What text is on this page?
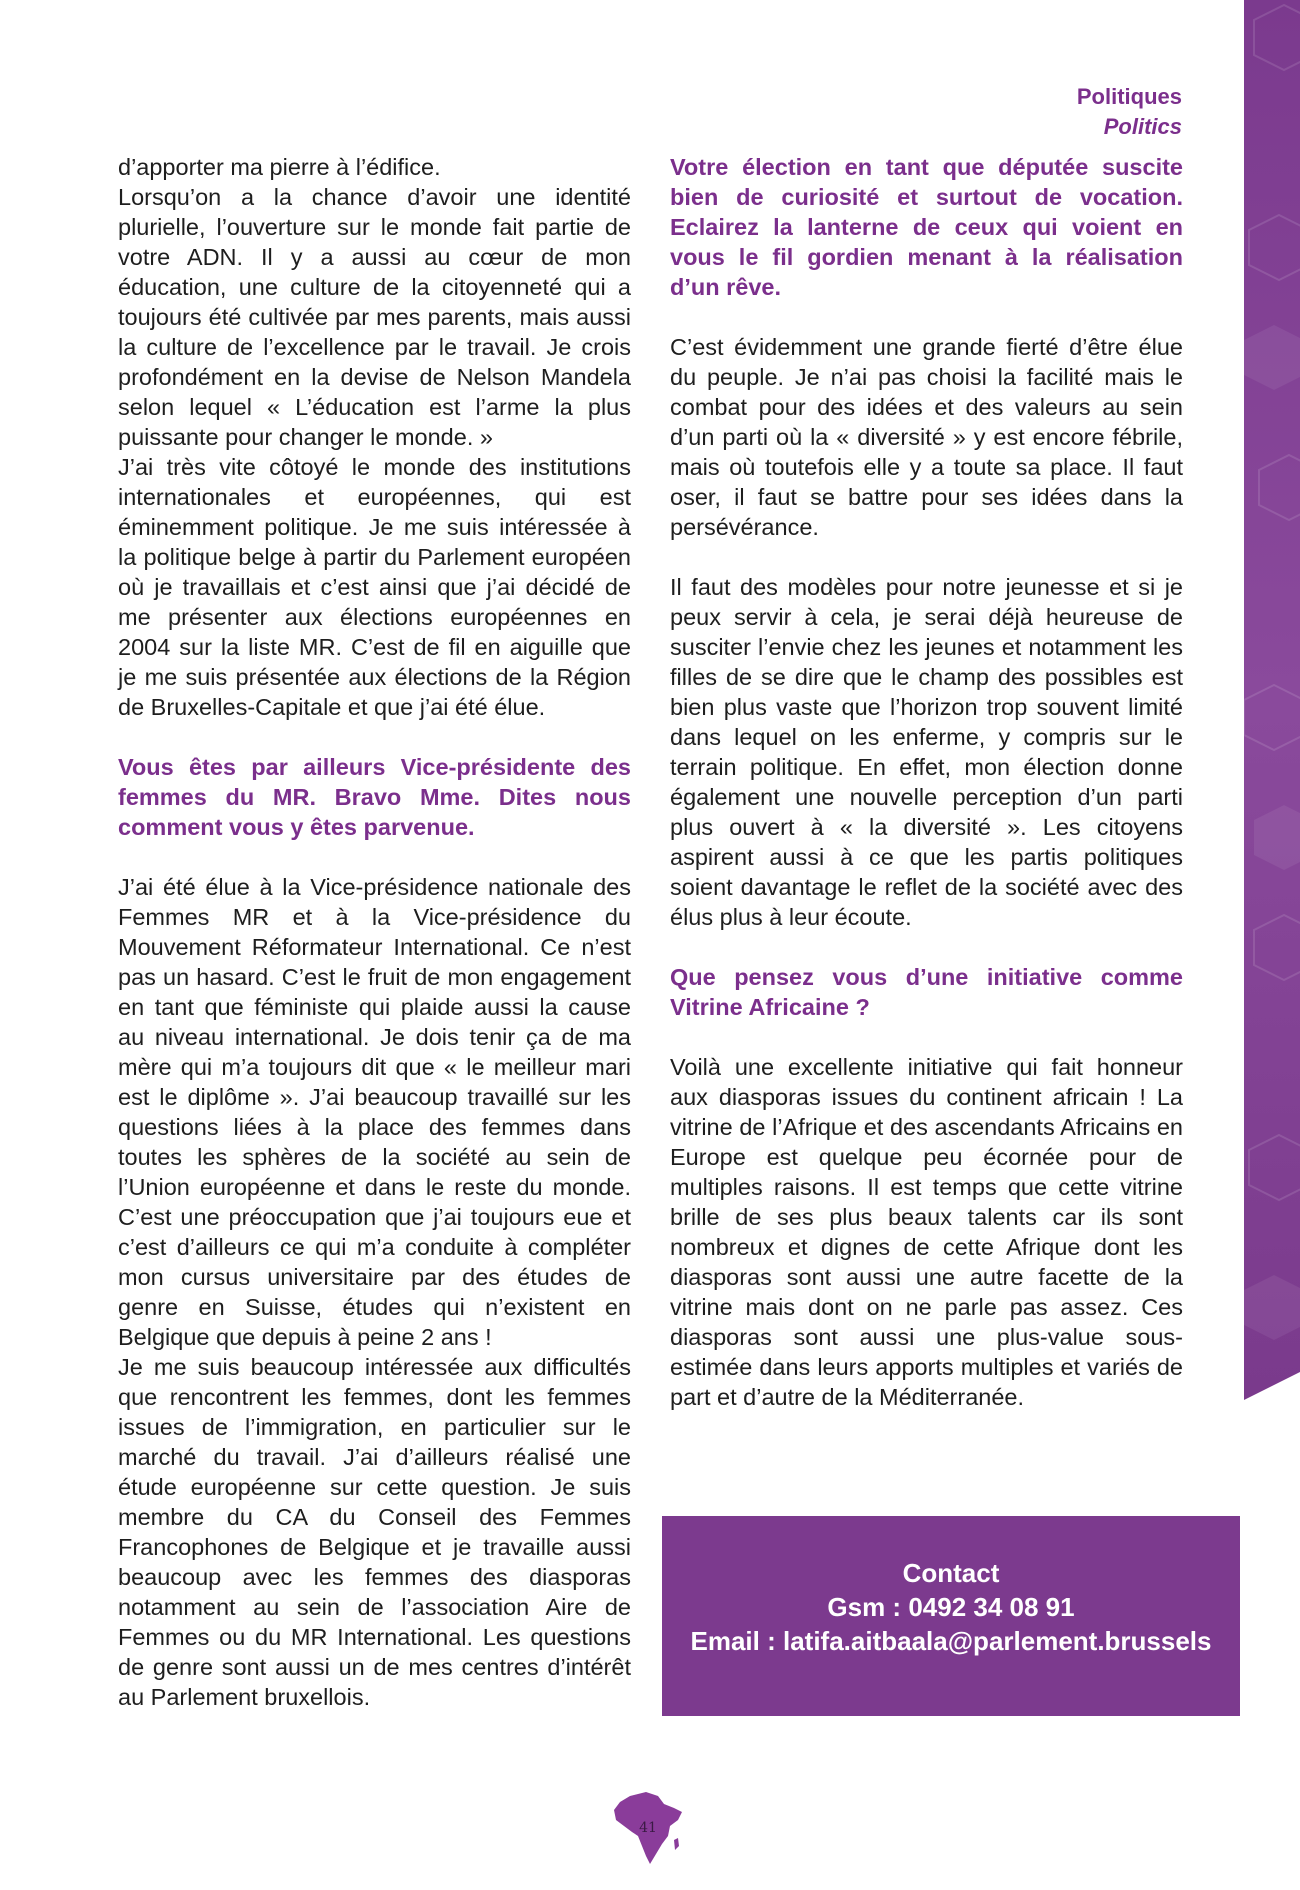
Politiques
Politics

d’apporter ma pierre à l’édifice.

Lorsqu’on a la chance d’avoir une identité plurielle, l’ouverture sur le monde fait partie de votre ADN. Il y a aussi au cœur de mon éducation, une culture de la citoyenneté qui a toujours été cultivée par mes parents, mais aussi la culture de l’excellence par le travail. Je crois profondément en la devise de Nelson Mandela selon lequel « L’éducation est l’arme la plus puissante pour changer le monde. »

J’ai très vite côtoyé le monde des institutions internationales et européennes, qui est éminemment politique. Je me suis intéressée à la politique belge à partir du Parlement européen où je travaillais et c’est ainsi que j’ai décidé de me présenter aux élections européennes en 2004 sur la liste MR. C’est de fil en aiguille que je me suis présentée aux élections de la Région de Bruxelles-Capitale et que j’ai été élue.

Vous êtes par ailleurs Vice-présidente des femmes du MR. Bravo Mme. Dites nous comment vous y êtes parvenue.

J’ai été élue à la Vice-présidence nationale des Femmes MR et à la Vice-présidence du Mouvement Réformateur International. Ce n’est pas un hasard. C’est le fruit de mon engagement en tant que féministe qui plaide aussi la cause au niveau international. Je dois tenir ça de ma mère qui m’a toujours dit que « le meilleur mari est le diplôme ». J’ai beaucoup travaillé sur les questions liées à la place des femmes dans toutes les sphères de la société au sein de l’Union européenne et dans le reste du monde. C’est une préoccupation que j’ai toujours eue et c’est d’ailleurs ce qui m’a conduite à compléter mon cursus universitaire par des études de genre en Suisse, études qui n’existent en Belgique que depuis à peine 2 ans !

Je me suis beaucoup intéressée aux difficultés que rencontrent les femmes, dont les femmes issues de l’immigration, en particulier sur le marché du travail. J’ai d’ailleurs réalisé une étude européenne sur cette question. Je suis membre du CA du Conseil des Femmes Francophones de Belgique et je travaille aussi beaucoup avec les femmes des diasporas notamment au sein de l’association Aire de Femmes ou du MR International. Les questions de genre sont aussi un de mes centres d’intérêt au Parlement bruxellois.

Votre élection en tant que députée suscite bien de curiosité et surtout de vocation. Eclairez la lanterne de ceux qui voient en vous le fil gordien menant à la réalisation d’un rêve.

C’est évidemment une grande fierté d’être élue du peuple. Je n’ai pas choisi la facilité mais le combat pour des idées et des valeurs au sein d’un parti où la « diversité » y est encore fébrile, mais où toutefois elle y a toute sa place. Il faut oser, il faut se battre pour ses idées dans la persévérance.

Il faut des modèles pour notre jeunesse et si je peux servir à cela, je serai déjà heureuse de susciter l’envie chez les jeunes et notamment les filles de se dire que le champ des possibles est bien plus vaste que l’horizon trop souvent limité dans lequel on les enferme, y compris sur le terrain politique. En effet, mon élection donne également une nouvelle perception d’un parti plus ouvert à « la diversité ». Les citoyens aspirent aussi à ce que les partis politiques soient davantage le reflet de la société avec des élus plus à leur écoute.

Que pensez vous d’une initiative comme Vitrine Africaine ?

Voilà une excellente initiative qui fait honneur aux diasporas issues du continent africain ! La vitrine de l’Afrique et des ascendants Africains en Europe est quelque peu écornée pour de multiples raisons. Il est temps que cette vitrine brille de ses plus beaux talents car ils sont nombreux et dignes de cette Afrique dont les diasporas sont aussi une autre facette de la vitrine mais dont on ne parle pas assez. Ces diasporas sont aussi une plus-value sous-estimée dans leurs apports multiples et variés de part et d’autre de la Méditerranée.

Contact
Gsm : 0492 34 08 91
Email : latifa.aitbaala@parlement.brussels
41
